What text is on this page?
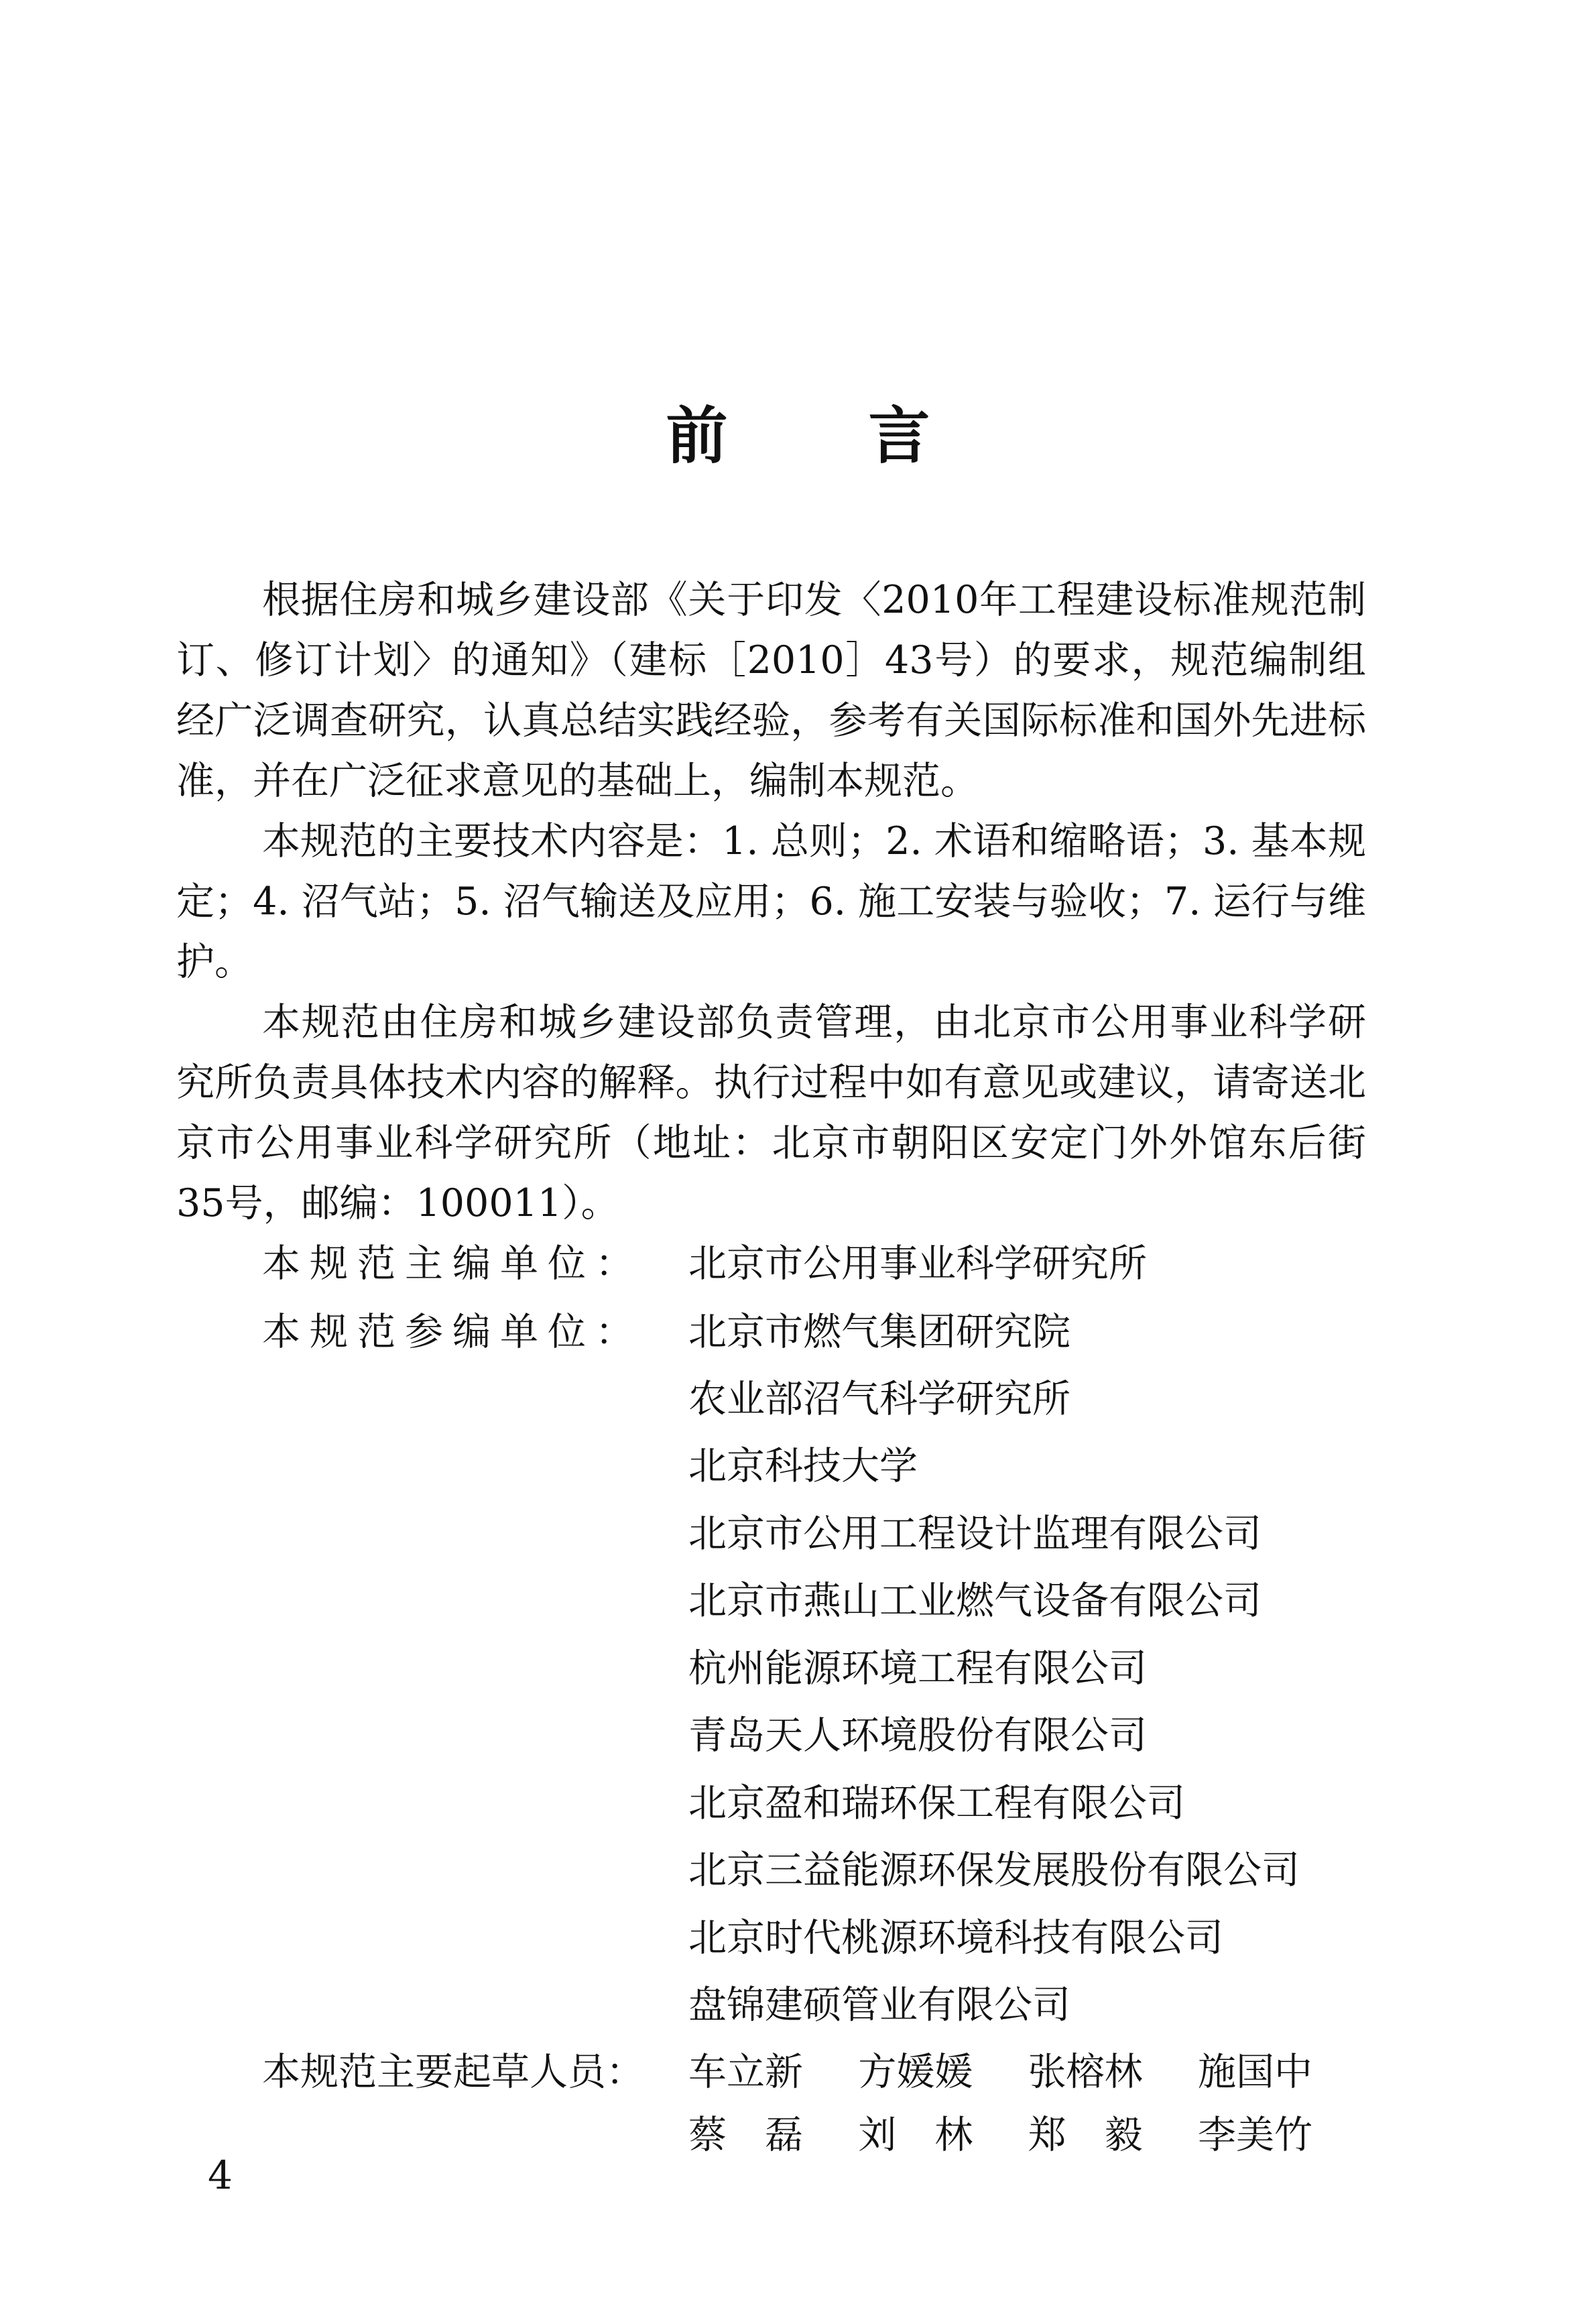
前言

根据住房和城乡建设部《关于印发〈2010年工程建设标准规范制订、修订计划〉的通知》（建标［2010］43号）的要求，规范编制组经广泛调查研究，认真总结实践经验，参考有关国际标准和国外先进标准，并在广泛征求意见的基础上，编制本规范。

本规范的主要技术内容是：1. 总则；2. 术语和缩略语；3. 基本规定；4. 沼气站；5. 沼气输送及应用；6. 施工安装与验收；7. 运行与维护。

本规范由住房和城乡建设部负责管理，由北京市公用事业科学研究所负责具体技术内容的解释。执行过程中如有意见或建议，请寄送北京市公用事业科学研究所（地址：北京市朝阳区安定门外外馆东后街35号，邮编：100011）。

本规范主编单位：	北京市公用事业科学研究所
本规范参编单位：	北京市燃气集团研究院
农业部沼气科学研究所
北京科技大学
北京市公用工程设计监理有限公司
北京市燕山工业燃气设备有限公司
杭州能源环境工程有限公司
青岛天人环境股份有限公司
北京盈和瑞环保工程有限公司
北京三益能源环保发展股份有限公司
北京时代桃源环境科技有限公司
盘锦建硕管业有限公司
本规范主要起草人员：	车立新	方媛媛	张榕林	施国中
蔡　磊	刘　林	郑　毅	李美竹
4
